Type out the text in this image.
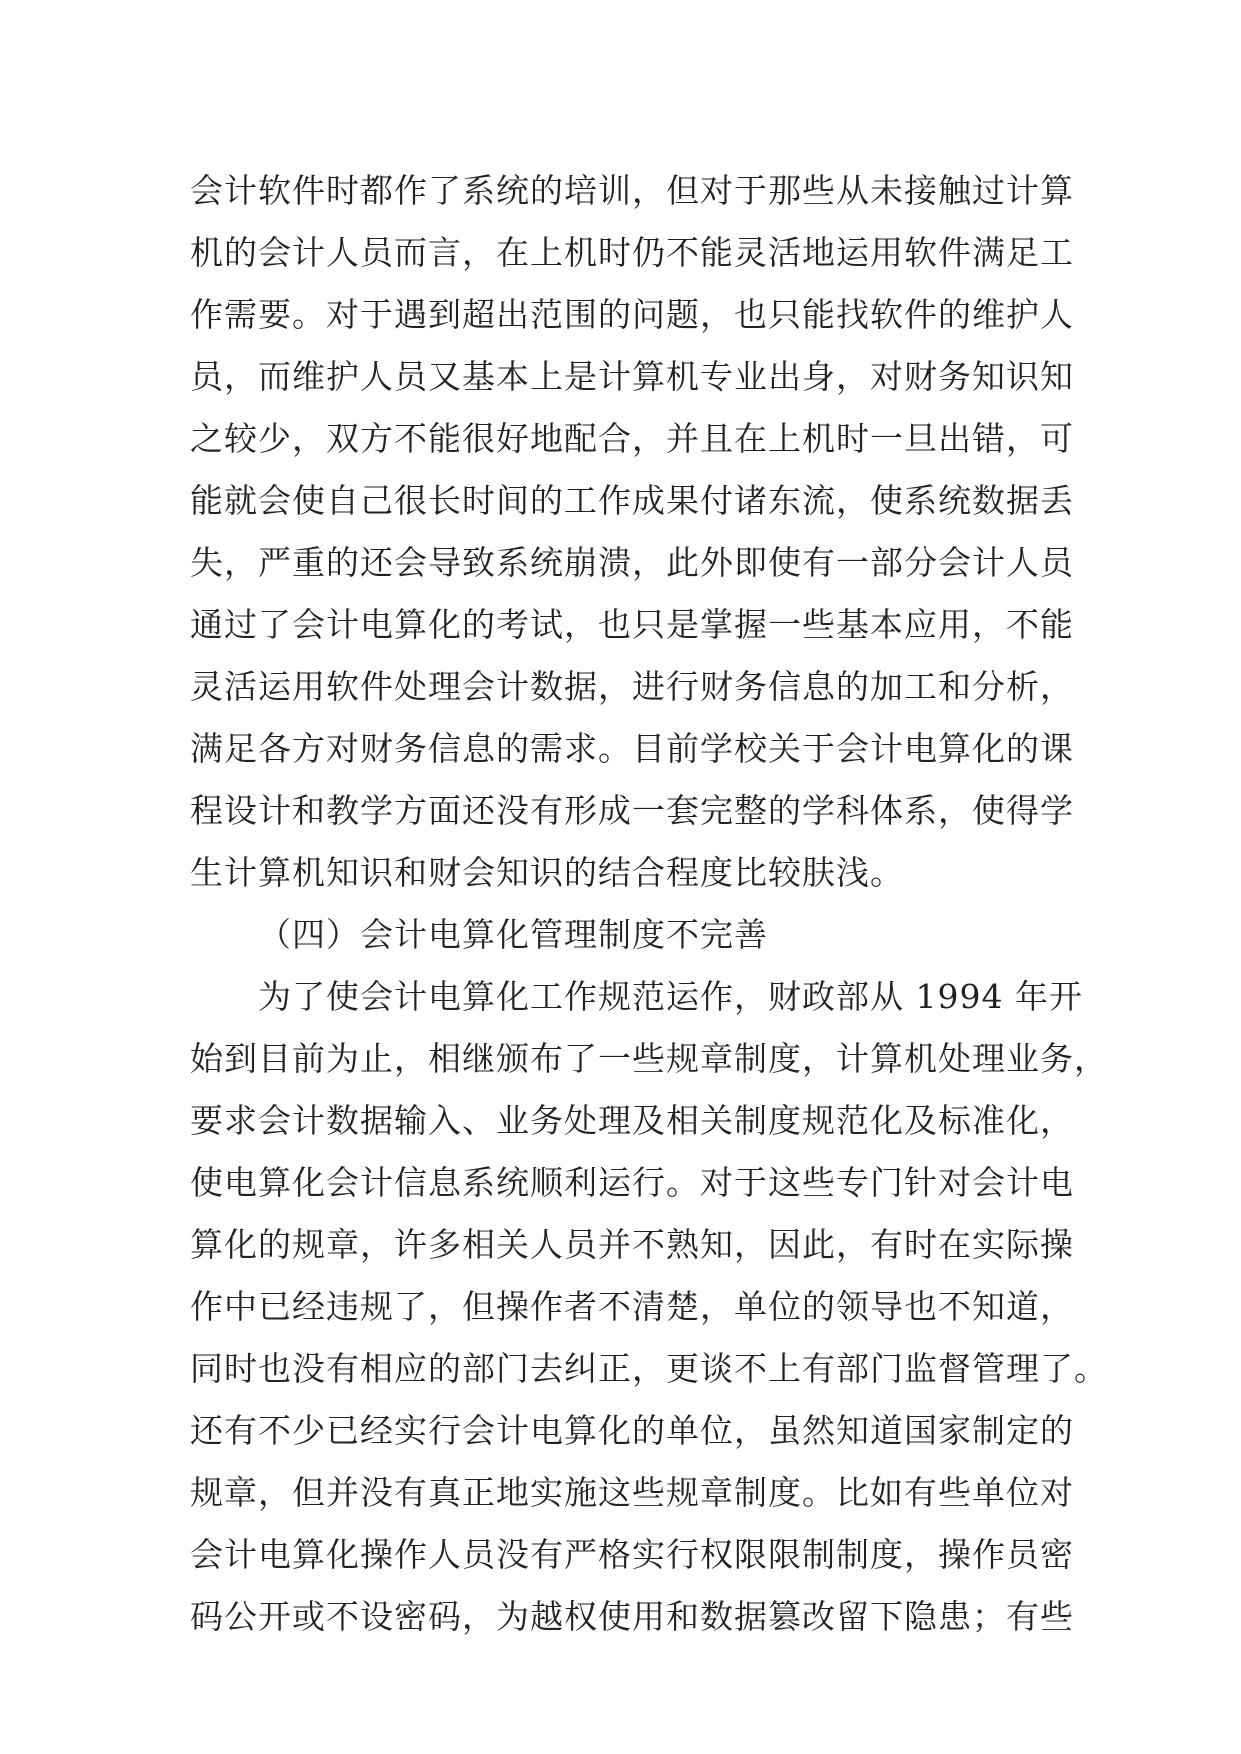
会计软件时都作了系统的培训，但对于那些从未接触过计算
机的会计人员而言，在上机时仍不能灵活地运用软件满足工
作需要。对于遇到超出范围的问题，也只能找软件的维护人
员，而维护人员又基本上是计算机专业出身，对财务知识知
之较少，双方不能很好地配合，并且在上机时一旦出错，可
能就会使自己很长时间的工作成果付诸东流，使系统数据丢
失，严重的还会导致系统崩溃，此外即使有一部分会计人员
通过了会计电算化的考试，也只是掌握一些基本应用，不能
灵活运用软件处理会计数据，进行财务信息的加工和分析，
满足各方对财务信息的需求。目前学校关于会计电算化的课
程设计和教学方面还没有形成一套完整的学科体系，使得学
生计算机知识和财会知识的结合程度比较肤浅。
（四）会计电算化管理制度不完善
为了使会计电算化工作规范运作，财政部从 1994 年开
始到目前为止，相继颁布了一些规章制度，计算机处理业务，
要求会计数据输入、业务处理及相关制度规范化及标准化，
使电算化会计信息系统顺利运行。对于这些专门针对会计电
算化的规章，许多相关人员并不熟知，因此，有时在实际操
作中已经违规了，但操作者不清楚，单位的领导也不知道，
同时也没有相应的部门去纠正，更谈不上有部门监督管理了。
还有不少已经实行会计电算化的单位，虽然知道国家制定的
规章，但并没有真正地实施这些规章制度。比如有些单位对
会计电算化操作人员没有严格实行权限限制制度，操作员密
码公开或不设密码，为越权使用和数据篡改留下隐患；有些
